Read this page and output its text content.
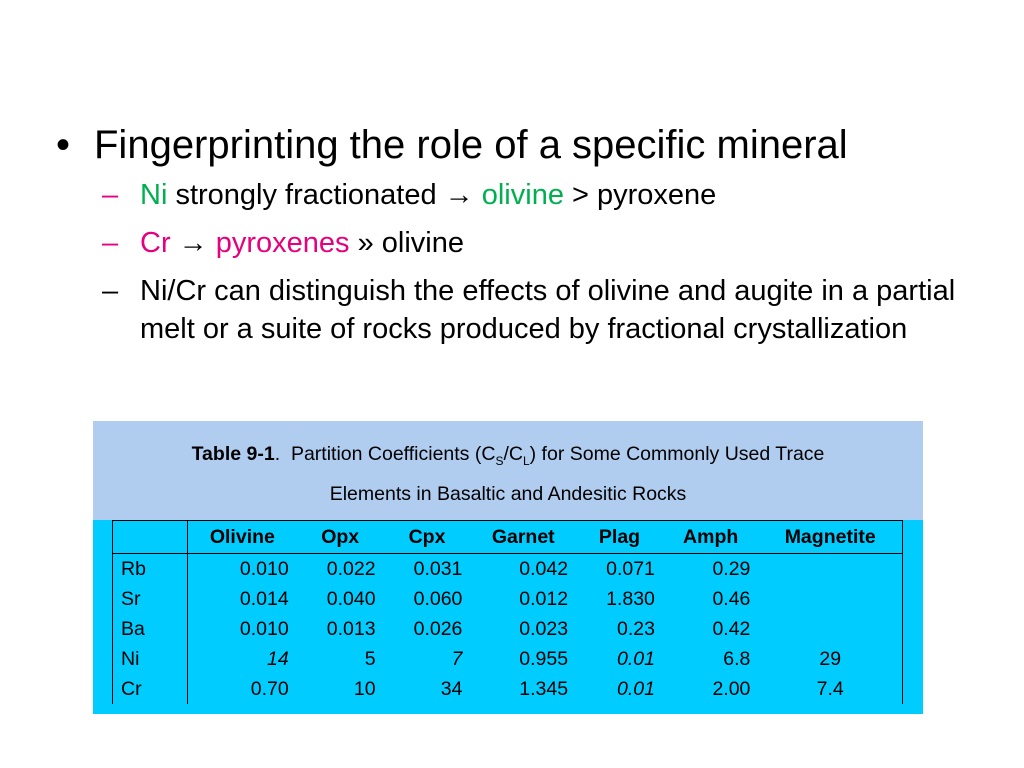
• Fingerprinting the role of a specific mineral
– Ni strongly fractionated → olivine > pyroxene
– Cr → pyroxenes » olivine
– Ni/Cr can distinguish the effects of olivine and augite in a partial melt or a suite of rocks produced by fractional crystallization
Table 9-1.  Partition Coefficients $(C_S/C_L)$ for Some Commonly Used Trace
Elements in Basaltic and Andesitic Rocks
	Olivine	Opx	Cpx	Garnet	Plag	Amph	Magnetite
Rb	0.010	0.022	0.031	0.042	0.071	0.29	
Sr	0.014	0.040	0.060	0.012	1.830	0.46	
Ba	0.010	0.013	0.026	0.023	0.23	0.42	
Ni	14	5	7	0.955	0.01	6.8	29
Cr	0.70	10	34	1.345	0.01	2.00	7.4
